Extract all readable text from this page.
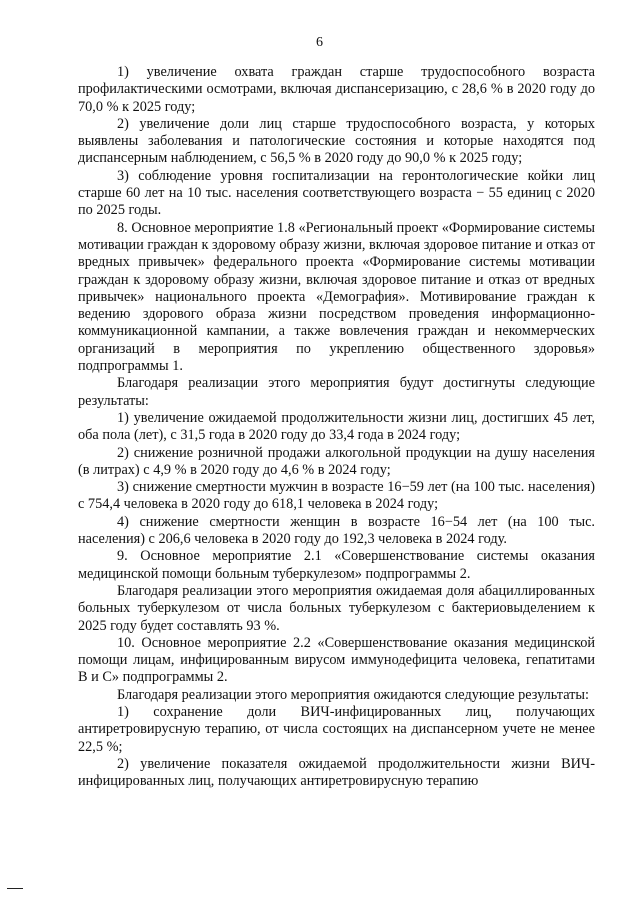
6

1) увеличение охвата граждан старше трудоспособного возраста профилактическими осмотрами, включая диспансеризацию, с 28,6 % в 2020 году до 70,0 % к 2025 году;

2) увеличение доли лиц старше трудоспособного возраста, у которых выявлены заболевания и патологические состояния и которые находятся под диспансерным наблюдением, с 56,5 % в 2020 году до 90,0 % к 2025 году;

3) соблюдение уровня госпитализации на геронтологические койки лиц старше 60 лет на 10 тыс. населения соответствующего возраста − 55 единиц с 2020 по 2025 годы.

8. Основное мероприятие 1.8 «Региональный проект «Формирование системы мотивации граждан к здоровому образу жизни, включая здоровое питание и отказ от вредных привычек» федерального проекта «Формирование системы мотивации граждан к здоровому образу жизни, включая здоровое питание и отказ от вредных привычек» национального проекта «Демография». Мотивирование граждан к ведению здорового образа жизни посредством проведения информационно-коммуникационной кампании, а также вовлечения граждан и некоммерческих организаций в мероприятия по укреплению общественного здоровья» подпрограммы 1.

Благодаря реализации этого мероприятия будут достигнуты следующие результаты:

1) увеличение ожидаемой продолжительности жизни лиц, достигших 45 лет, оба пола (лет), с 31,5 года в 2020 году до 33,4 года в 2024 году;

2) снижение розничной продажи алкогольной продукции на душу населения (в литрах) с 4,9 % в 2020 году до 4,6 % в 2024 году;

3) снижение смертности мужчин в возрасте 16−59 лет (на 100 тыс. населения) с 754,4 человека в 2020 году до 618,1 человека в 2024 году;

4) снижение смертности женщин в возрасте 16−54 лет (на 100 тыс. населения) с 206,6 человека в 2020 году до 192,3 человека в 2024 году.

9. Основное мероприятие 2.1 «Совершенствование системы оказания медицинской помощи больным туберкулезом» подпрограммы 2.

Благодаря реализации этого мероприятия ожидаемая доля абациллированных больных туберкулезом от числа больных туберкулезом с бактериовыделением к 2025 году будет составлять 93 %.

10. Основное мероприятие 2.2 «Совершенствование оказания медицинской помощи лицам, инфицированным вирусом иммунодефицита человека, гепатитами В и С» подпрограммы 2.

Благодаря реализации этого мероприятия ожидаются следующие результаты:

1) сохранение доли ВИЧ-инфицированных лиц, получающих антиретровирусную терапию, от числа состоящих на диспансерном учете не менее 22,5 %;

2) увеличение показателя ожидаемой продолжительности жизни ВИЧ-инфицированных лиц, получающих антиретровирусную терапию
